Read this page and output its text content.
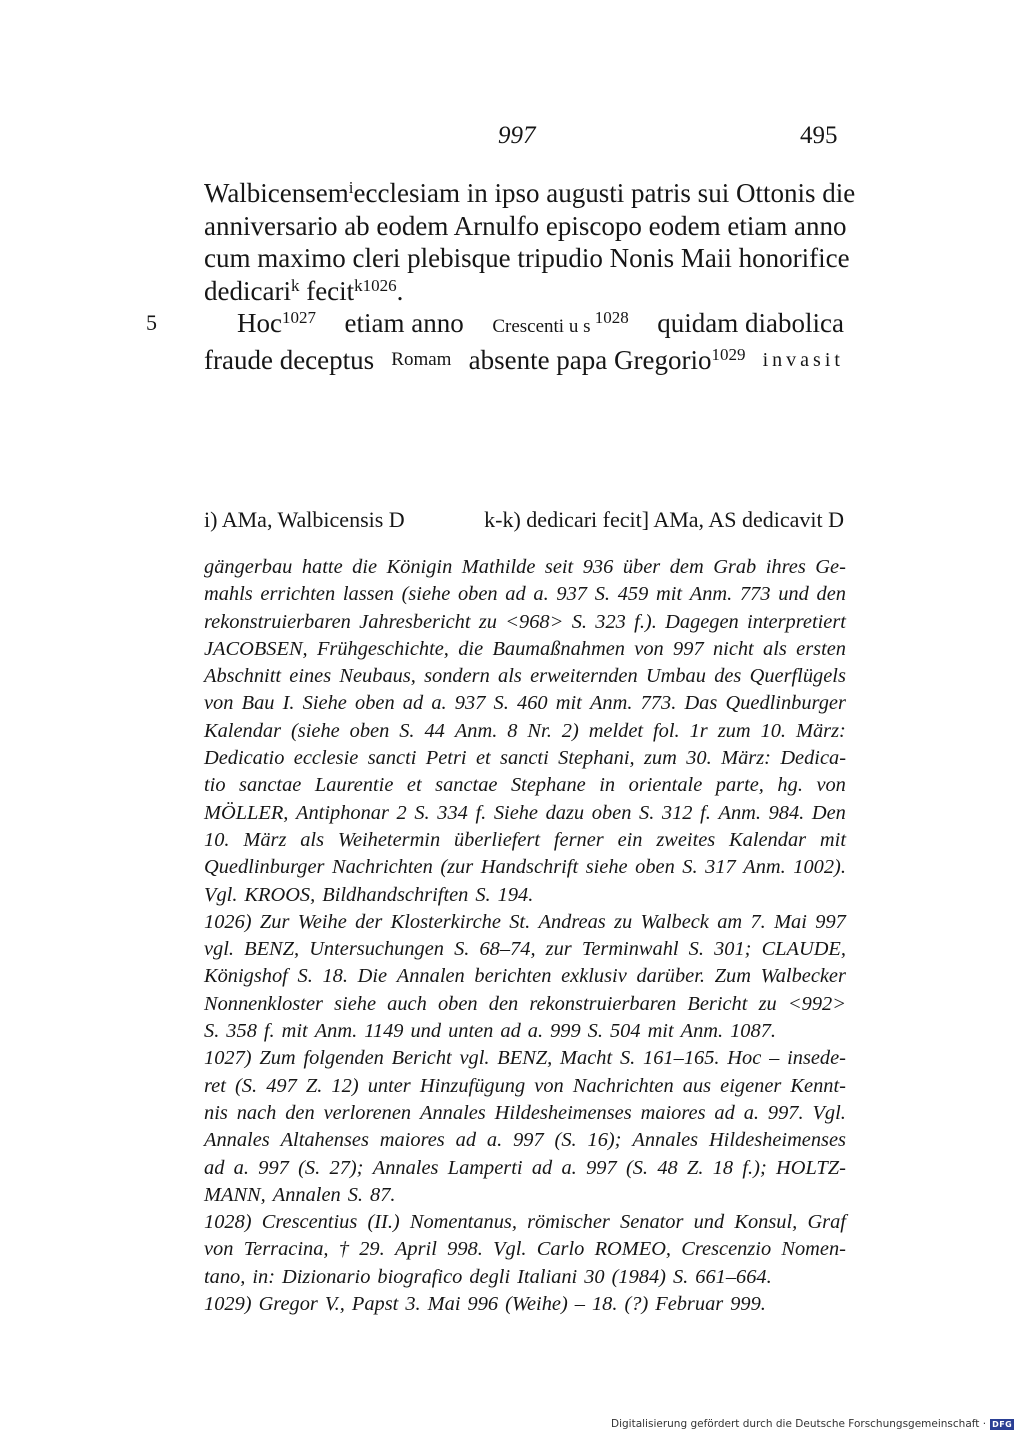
997	495
Walbicensem$^i$ ecclesiam in ipso augusti patris sui Ottonis die
anniversario ab eodem Arnulfo episcopo eodem etiam anno
cum maximo cleri plebisque tripudio Nonis Maii honorifice
dedicari$^k$ fecit$^{k1026}$.
Hoc$^{1027}$ etiam anno Crescenti u s $^{1028}$ quidam diabolica
fraude deceptus Romam absente papa Gregorio$^{1029}$ invasit
5
i) AMa, Walbicensis D	k-k) dedicari fecit] AMa, AS dedicavit D
gängerbau hatte die Königin Mathilde seit 936 über dem Grab ihres Ge-
mahls errichten lassen (siehe oben ad a. 937 S. 459 mit Anm. 773 und den
rekonstruierbaren Jahresbericht zu <968> S. 323 f.). Dagegen interpretiert
JACOBSEN, Frühgeschichte, die Baumaßnahmen von 997 nicht als ersten
Abschnitt eines Neubaus, sondern als erweiternden Umbau des Querflügels
von Bau I. Siehe oben ad a. 937 S. 460 mit Anm. 773. Das Quedlinburger
Kalendar (siehe oben S. 44 Anm. 8 Nr. 2) meldet fol. 1r zum 10. März:
Dedicatio ecclesie sancti Petri et sancti Stephani, zum 30. März: Dedica-
tio sanctae Laurentie et sanctae Stephane in orientale parte, hg. von
MÖLLER, Antiphonar 2 S. 334 f. Siehe dazu oben S. 312 f. Anm. 984. Den
10. März als Weihetermin überliefert ferner ein zweites Kalendar mit
Quedlinburger Nachrichten (zur Handschrift siehe oben S. 317 Anm. 1002).
Vgl. KROOS, Bildhandschriften S. 194.
1026) Zur Weihe der Klosterkirche St. Andreas zu Walbeck am 7. Mai 997
vgl. BENZ, Untersuchungen S. 68–74, zur Terminwahl S. 301; CLAUDE,
Königshof S. 18. Die Annalen berichten exklusiv darüber. Zum Walbecker
Nonnenkloster siehe auch oben den rekonstruierbaren Bericht zu <992>
S. 358 f. mit Anm. 1149 und unten ad a. 999 S. 504 mit Anm. 1087.
1027) Zum folgenden Bericht vgl. BENZ, Macht S. 161–165. Hoc – insede-
ret (S. 497 Z. 12) unter Hinzufügung von Nachrichten aus eigener Kennt-
nis nach den verlorenen Annales Hildesheimenses maiores ad a. 997. Vgl.
Annales Altahenses maiores ad a. 997 (S. 16); Annales Hildesheimenses
ad a. 997 (S. 27); Annales Lamperti ad a. 997 (S. 48 Z. 18 f.); HOLTZ-
MANN, Annalen S. 87.
1028) Crescentius (II.) Nomentanus, römischer Senator und Konsul, Graf
von Terracina, † 29. April 998. Vgl. Carlo ROMEO, Crescenzio Nomen-
tano, in: Dizionario biografico degli Italiani 30 (1984) S. 661–664.
1029) Gregor V., Papst 3. Mai 996 (Weihe) – 18. (?) Februar 999.
Digitalisierung gefördert durch die Deutsche Forschungsgemeinschaft · DFG
